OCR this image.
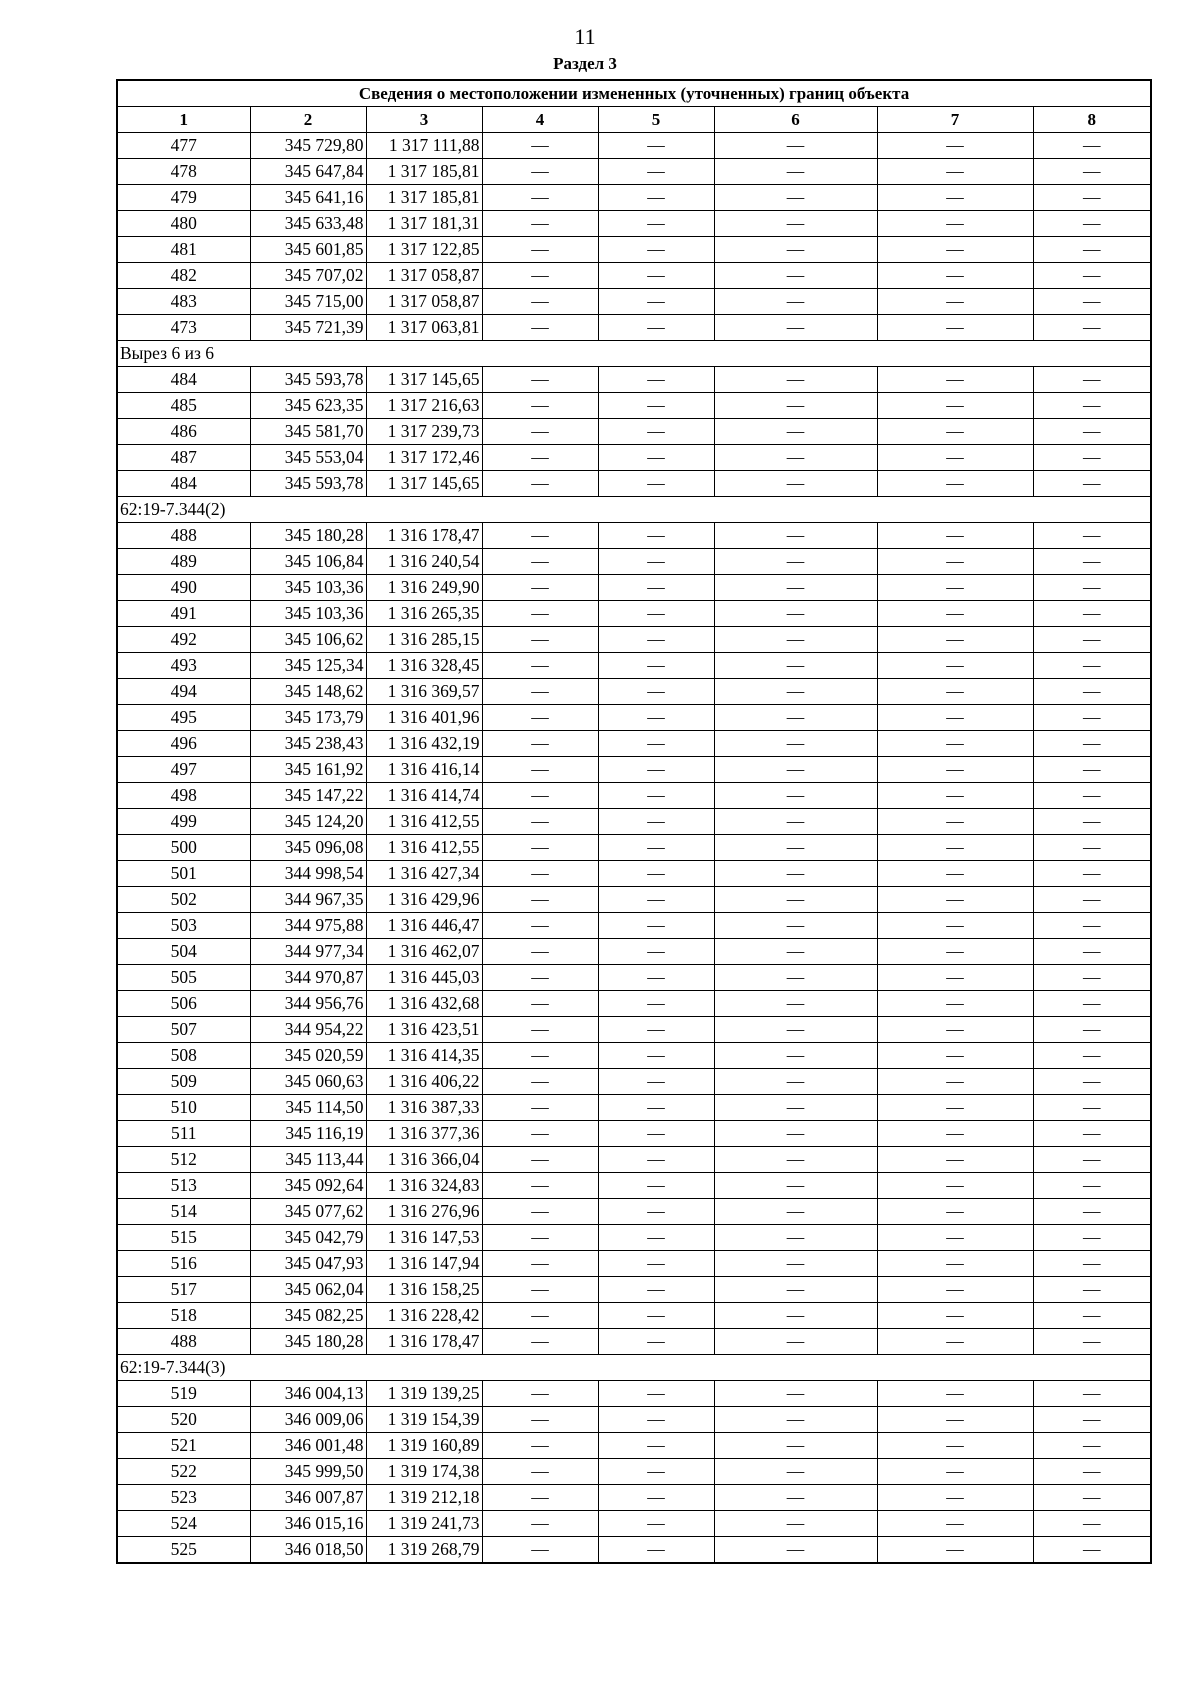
11
Раздел 3
Сведения о местоположении измененных (уточненных) границ объекта							
1	2	3	4	5	6	7	8
477	345 729,80	1 317 111,88	—	—	—	—	—
478	345 647,84	1 317 185,81	—	—	—	—	—
479	345 641,16	1 317 185,81	—	—	—	—	—
480	345 633,48	1 317 181,31	—	—	—	—	—
481	345 601,85	1 317 122,85	—	—	—	—	—
482	345 707,02	1 317 058,87	—	—	—	—	—
483	345 715,00	1 317 058,87	—	—	—	—	—
473	345 721,39	1 317 063,81	—	—	—	—	—
Вырез 6 из 6							
484	345 593,78	1 317 145,65	—	—	—	—	—
485	345 623,35	1 317 216,63	—	—	—	—	—
486	345 581,70	1 317 239,73	—	—	—	—	—
487	345 553,04	1 317 172,46	—	—	—	—	—
484	345 593,78	1 317 145,65	—	—	—	—	—
62:19-7.344(2)							
488	345 180,28	1 316 178,47	—	—	—	—	—
489	345 106,84	1 316 240,54	—	—	—	—	—
490	345 103,36	1 316 249,90	—	—	—	—	—
491	345 103,36	1 316 265,35	—	—	—	—	—
492	345 106,62	1 316 285,15	—	—	—	—	—
493	345 125,34	1 316 328,45	—	—	—	—	—
494	345 148,62	1 316 369,57	—	—	—	—	—
495	345 173,79	1 316 401,96	—	—	—	—	—
496	345 238,43	1 316 432,19	—	—	—	—	—
497	345 161,92	1 316 416,14	—	—	—	—	—
498	345 147,22	1 316 414,74	—	—	—	—	—
499	345 124,20	1 316 412,55	—	—	—	—	—
500	345 096,08	1 316 412,55	—	—	—	—	—
501	344 998,54	1 316 427,34	—	—	—	—	—
502	344 967,35	1 316 429,96	—	—	—	—	—
503	344 975,88	1 316 446,47	—	—	—	—	—
504	344 977,34	1 316 462,07	—	—	—	—	—
505	344 970,87	1 316 445,03	—	—	—	—	—
506	344 956,76	1 316 432,68	—	—	—	—	—
507	344 954,22	1 316 423,51	—	—	—	—	—
508	345 020,59	1 316 414,35	—	—	—	—	—
509	345 060,63	1 316 406,22	—	—	—	—	—
510	345 114,50	1 316 387,33	—	—	—	—	—
511	345 116,19	1 316 377,36	—	—	—	—	—
512	345 113,44	1 316 366,04	—	—	—	—	—
513	345 092,64	1 316 324,83	—	—	—	—	—
514	345 077,62	1 316 276,96	—	—	—	—	—
515	345 042,79	1 316 147,53	—	—	—	—	—
516	345 047,93	1 316 147,94	—	—	—	—	—
517	345 062,04	1 316 158,25	—	—	—	—	—
518	345 082,25	1 316 228,42	—	—	—	—	—
488	345 180,28	1 316 178,47	—	—	—	—	—
62:19-7.344(3)							
519	346 004,13	1 319 139,25	—	—	—	—	—
520	346 009,06	1 319 154,39	—	—	—	—	—
521	346 001,48	1 319 160,89	—	—	—	—	—
522	345 999,50	1 319 174,38	—	—	—	—	—
523	346 007,87	1 319 212,18	—	—	—	—	—
524	346 015,16	1 319 241,73	—	—	—	—	—
525	346 018,50	1 319 268,79	—	—	—	—	—
